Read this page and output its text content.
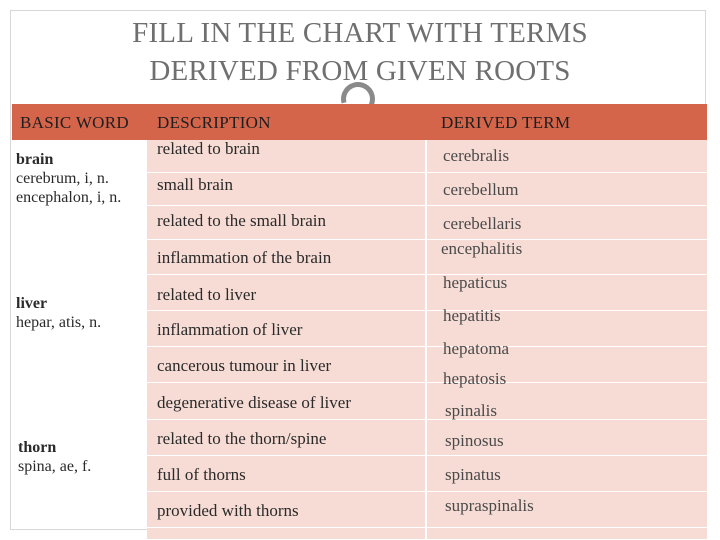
FILL IN THE CHART WITH TERMS
DERIVED FROM GIVEN ROOTS
BASIC WORD DESCRIPTION	DERIVED TERM
brain
cerebrum, i, n.
encephalon, i, n.
liver
hepar, atis, n.
thorn
spina, ae, f.
related to brain
small brain
related to the small brain
inflammation of the brain
related to liver
inflammation of liver
cancerous tumour in liver
degenerative disease of liver
related to the thorn/spine
full of thorns
provided with thorns
cerebralis
cerebellum
cerebellaris
encephalitis
hepaticus
hepatitis
hepatoma
hepatosis
spinalis
spinosus
spinatus
supraspinalis
